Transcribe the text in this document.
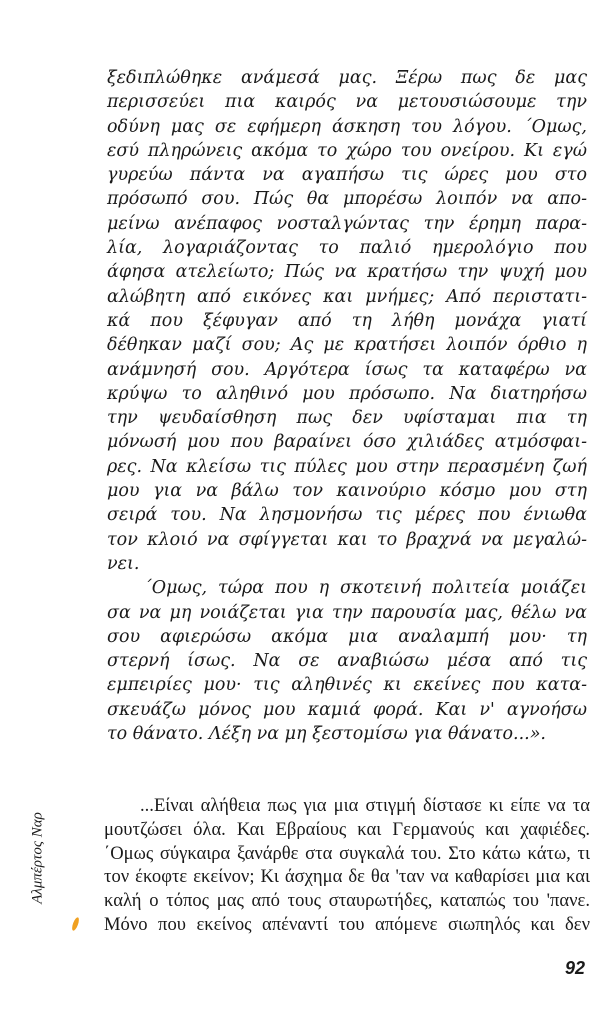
Αλμπέρτος Ναρ
ξεδιπλώθηκε ανάμεσά μας. Ξέρω πως δε μας
περισσεύει πια καιρός να μετουσιώσουμε την
οδύνη μας σε εφήμερη άσκηση του λόγου. ΄Ομως,
εσύ πληρώνεις ακόμα το χώρο του ονείρου. Κι εγώ
γυρεύω πάντα να αγαπήσω τις ώρες μου στο
πρόσωπό σου. Πώς θα μπορέσω λοιπόν να απο-
μείνω ανέπαφος νοσταλγώντας την έρημη παρα-
λία, λογαριάζοντας το παλιό ημερολόγιο που
άφησα ατελείωτο; Πώς να κρατήσω την ψυχή μου
αλώβητη από εικόνες και μνήμες; Από περιστατι-
κά που ξέφυγαν από τη λήθη μονάχα γιατί
δέθηκαν μαζί σου; Ας με κρατήσει λοιπόν όρθιο η
ανάμνησή σου. Αργότερα ίσως τα καταφέρω να
κρύψω το αληθινό μου πρόσωπο. Να διατηρήσω
την ψευδαίσθηση πως δεν υφίσταμαι πια τη
μόνωσή μου που βαραίνει όσο χιλιάδες ατμόσφαι-
ρες. Να κλείσω τις πύλες μου στην περασμένη ζωή
μου για να βάλω τον καινούριο κόσμο μου στη
σειρά του. Να λησμονήσω τις μέρες που ένιωθα
τον κλοιό να σφίγγεται και το βραχνά να μεγαλώ-
νει.
΄Ομως, τώρα που η σκοτεινή πολιτεία μοιάζει
σα να μη νοιάζεται για την παρουσία μας, θέλω να
σου αφιερώσω ακόμα μια αναλαμπή μου· τη
στερνή ίσως. Να σε αναβιώσω μέσα από τις
εμπειρίες μου· τις αληθινές κι εκείνες που κατα-
σκευάζω μόνος μου καμιά φορά. Και ν' αγνοήσω
το θάνατο. Λέξη να μη ξεστομίσω για θάνατο...».
...Είναι αλήθεια πως για μια στιγμή δίστασε κι είπε να τα
μουτζώσει όλα. Και Εβραίους και Γερμανούς και χαφιέδες.
΄Ομως σύγκαιρα ξανάρθε στα συγκαλά του. Στο κάτω κάτω, τι
τον έκοφτε εκείνον; Κι άσχημα δε θα 'ταν να καθαρίσει μια και
καλή ο τόπος μας από τους σταυρωτήδες, καταπώς του 'πανε.
Μόνο που εκείνος απέναντί του απόμενε σιωπηλός και δεν
92
